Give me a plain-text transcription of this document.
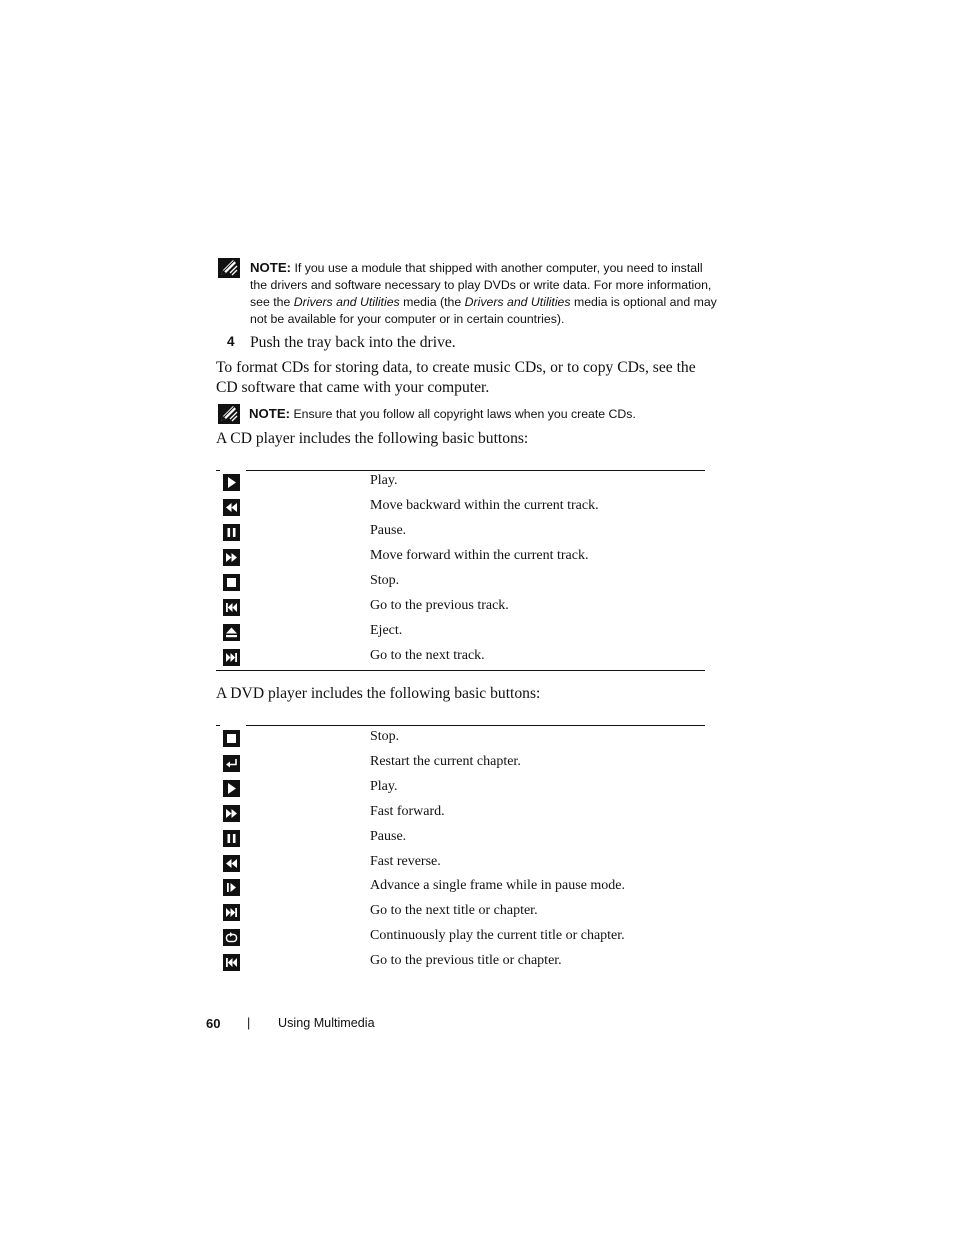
NOTE: If you use a module that shipped with another computer, you need to install the drivers and software necessary to play DVDs or write data. For more information, see the Drivers and Utilities media (the Drivers and Utilities media is optional and may not be available for your computer or in certain countries).
4 Push the tray back into the drive.
To format CDs for storing data, to create music CDs, or to copy CDs, see the CD software that came with your computer.
NOTE: Ensure that you follow all copyright laws when you create CDs.
A CD player includes the following basic buttons:
Play.
Move backward within the current track.
Pause.
Move forward within the current track.
Stop.
Go to the previous track.
Eject.
Go to the next track.
A DVD player includes the following basic buttons:
Stop.
Restart the current chapter.
Play.
Fast forward.
Pause.
Fast reverse.
Advance a single frame while in pause mode.
Go to the next title or chapter.
Continuously play the current title or chapter.
Go to the previous title or chapter.
60 | Using Multimedia
